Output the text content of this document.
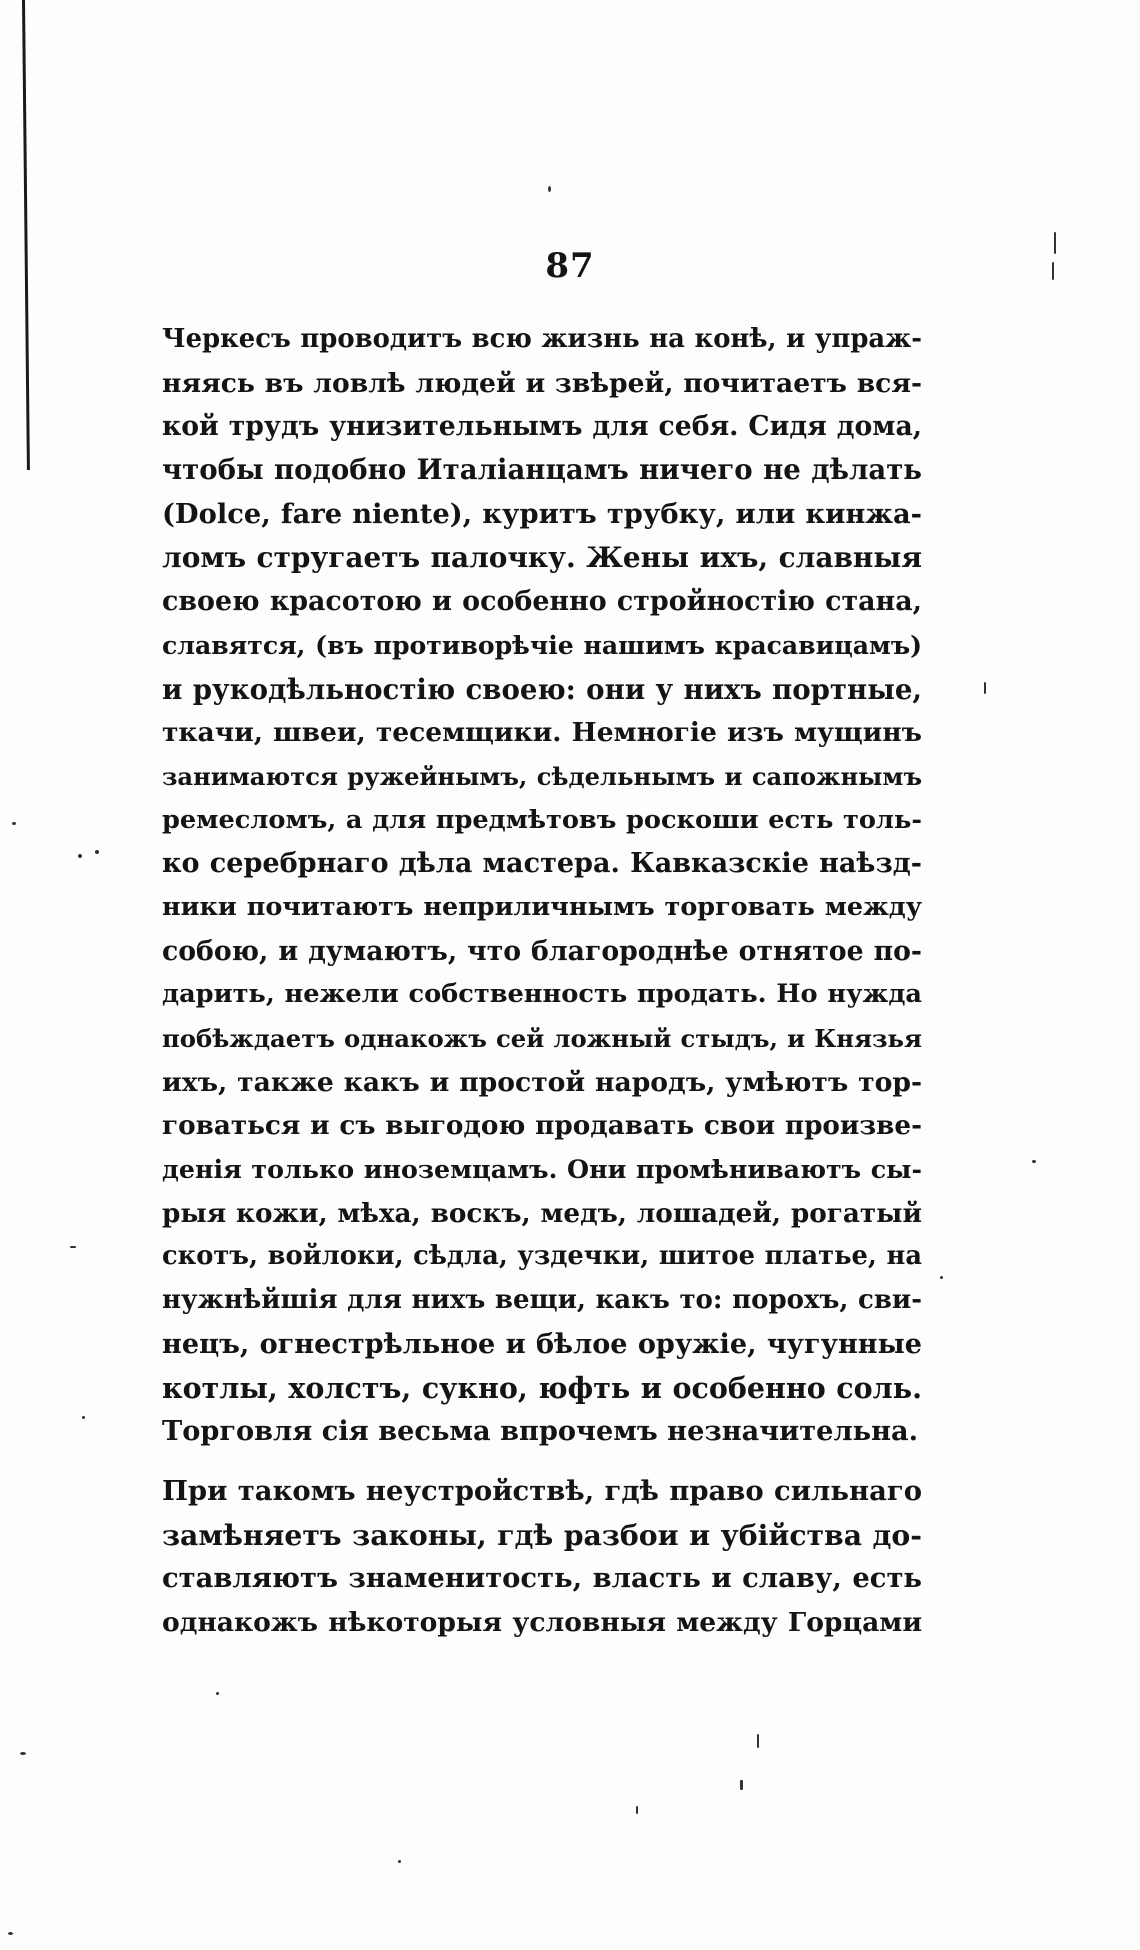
87
Черкесъ проводитъ всю жизнь на конѣ, и упраж-
няясь въ ловлѣ людей и звѣрей, почитаетъ вся-
кой трудъ унизительнымъ для себя. Сидя дома,
чтобы подобно Италіанцамъ ничего не дѣлать
(Dolce, fare niente), куритъ трубку, или кинжа-
ломъ стругаетъ палочку. Жены ихъ, славныя
своею красотою и особенно стройностію стана,
славятся, (въ противорѣчіе нашимъ красавицамъ)
и рукодѣльностію своею: они у нихъ портные,
ткачи, швеи, тесемщики. Немногіе изъ мущинъ
занимаются ружейнымъ, сѣдельнымъ и сапожнымъ
ремесломъ, а для предмѣтовъ роскоши есть толь-
ко серебрнаго дѣла мастера. Кавказскіе наѣзд-
ники почитаютъ неприличнымъ торговать между
собою, и думаютъ, что благороднѣе отнятое по-
дарить, нежели собственность продать. Но нужда
побѣждаетъ однакожъ сей ложный стыдъ, и Князья
ихъ, также какъ и простой народъ, умѣютъ тор-
говаться и съ выгодою продавать свои произве-
денія только иноземцамъ. Они промѣниваютъ сы-
рыя кожи, мѣха, воскъ, медъ, лошадей, рогатый
скотъ, войлоки, сѣдла, уздечки, шитое платье, на
нужнѣйшія для нихъ вещи, какъ то: порохъ, сви-
нецъ, огнестрѣльное и бѣлое оружіе, чугунные
котлы, холстъ, сукно, юфть и особенно соль.
Торговля сія весьма впрочемъ незначительна.
При такомъ неустройствѣ, гдѣ право сильнаго
замѣняетъ законы, гдѣ разбои и убійства до-
ставляютъ знаменитость, власть и славу, есть
однакожъ нѣкоторыя условныя между Горцами
